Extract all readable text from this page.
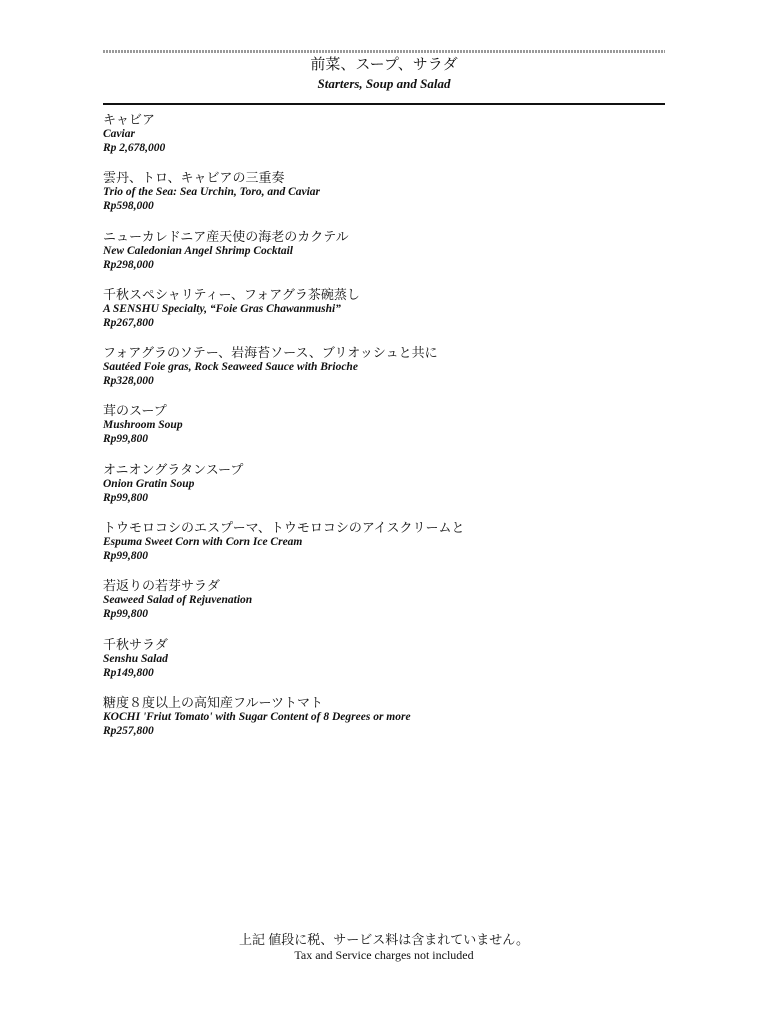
前菜、スープ、サラダ
Starters, Soup and Salad
キャビア
Caviar
Rp 2,678,000
雲丹、トロ、キャビアの三重奏
Trio of the Sea: Sea Urchin, Toro, and Caviar
Rp598,000
ニューカレドニア産天使の海老のカクテル
New Caledonian Angel Shrimp Cocktail
Rp298,000
千秋スペシャリティー、フォアグラ茶碗蒸し
A SENSHU Specialty, “Foie Gras Chawanmushi”
Rp267,800
フォアグラのソテー、岩海苔ソース、ブリオッシュと共に
Sautéed Foie gras, Rock Seaweed Sauce with Brioche
Rp328,000
茸のスープ
Mushroom Soup
Rp99,800
オニオングラタンスープ
Onion Gratin Soup
Rp99,800
トウモロコシのエスプーマ、トウモロコシのアイスクリームと
Espuma Sweet Corn with Corn Ice Cream
Rp99,800
若返りの若芽サラダ
Seaweed Salad of Rejuvenation
Rp99,800
千秋サラダ
Senshu Salad
Rp149,800
糖度８度以上の高知産フルーツトマト
KOCHI 'Friut Tomato' with Sugar Content of 8 Degrees or more
Rp257,800
上記 値段に税、サービス料は含まれていません。
Tax and Service charges not included
